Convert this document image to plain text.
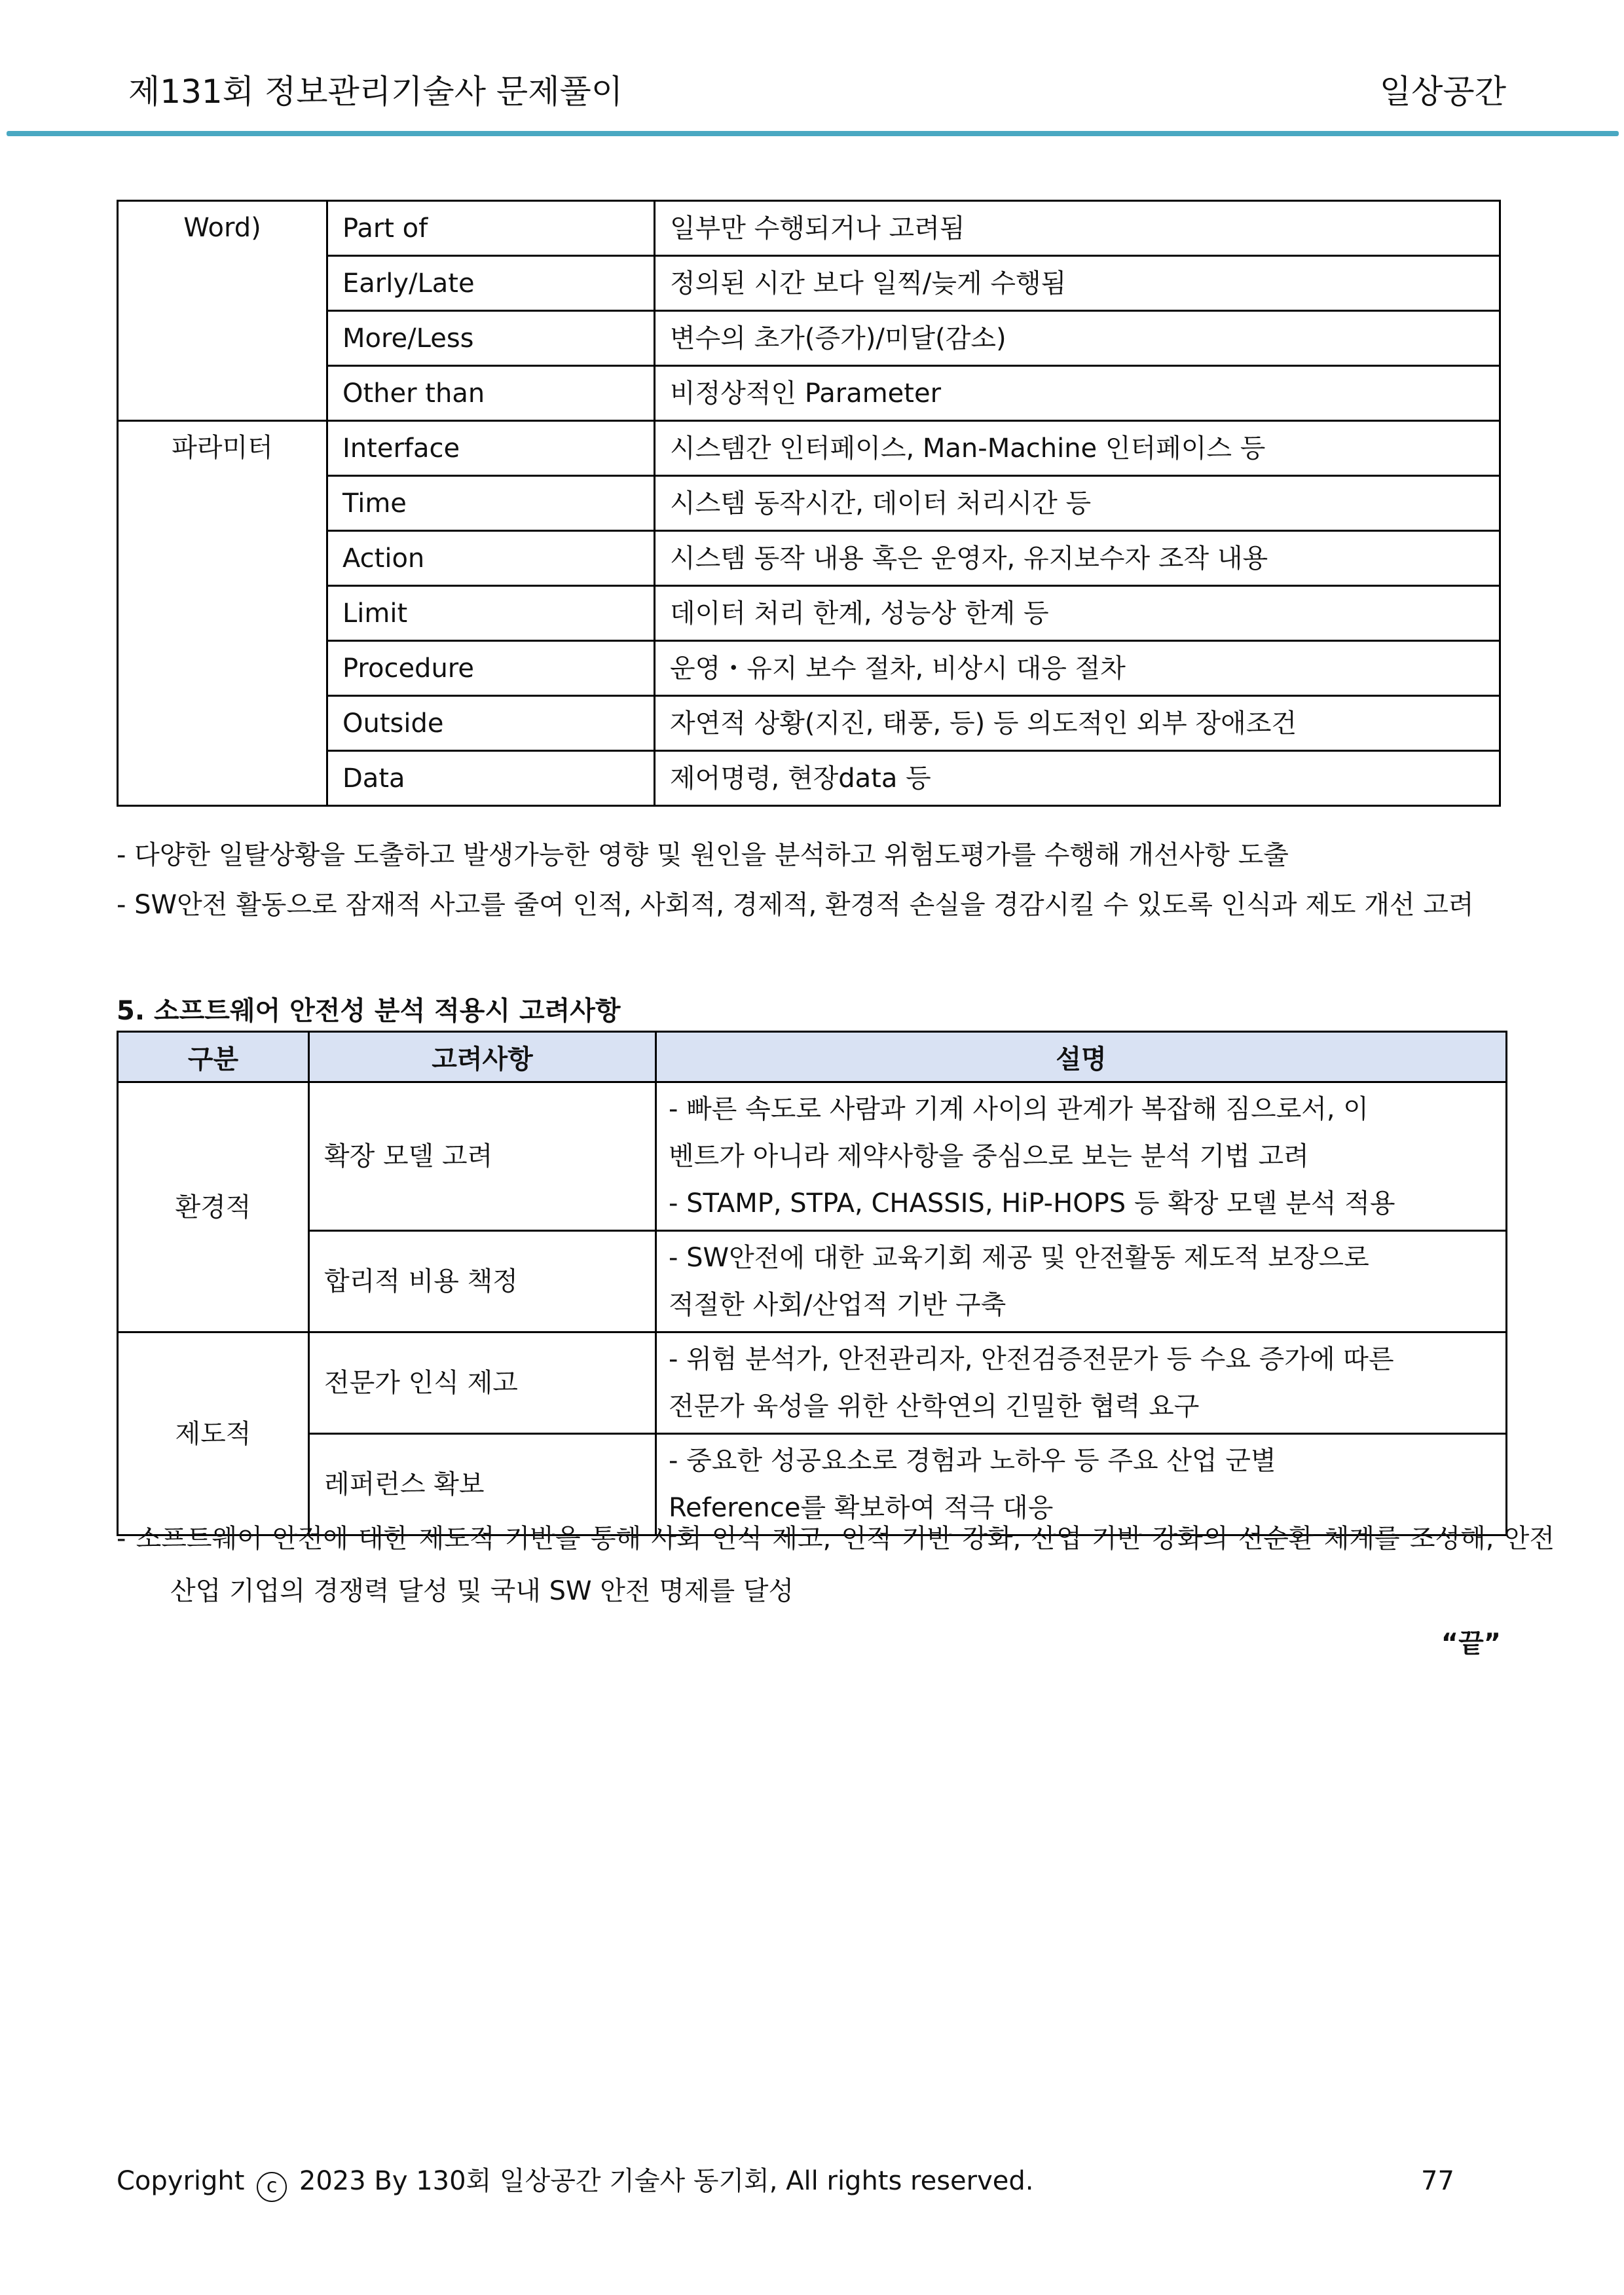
제131회 정보관리기술사 문제풀이	일상공간
Word)	Part of	일부만 수행되거나 고려됨
	Early/Late	정의된 시간 보다 일찍/늦게 수행됨
	More/Less	변수의 초가(증가)/미달(감소)
	Other than	비정상적인 Parameter
파라미터	Interface	시스템간 인터페이스, Man-Machine 인터페이스 등
	Time	시스템 동작시간, 데이터 처리시간 등
	Action	시스템 동작 내용 혹은 운영자, 유지보수자 조작 내용
	Limit	데이터 처리 한계, 성능상 한계 등
	Procedure	운영・유지 보수 절차, 비상시 대응 절차
	Outside	자연적 상황(지진, 태풍, 등) 등 의도적인 외부 장애조건
	Data	제어명령, 현장data 등
- 다양한 일탈상황을 도출하고 발생가능한 영향 및 원인을 분석하고 위험도평가를 수행해 개선사항 도출
- SW안전 활동으로 잠재적 사고를 줄여 인적, 사회적, 경제적, 환경적 손실을 경감시킬 수 있도록 인식과 제도 개선 고려
5. 소프트웨어 안전성 분석 적용시 고려사항
구분	고려사항	설명
환경적	확장 모델 고려	- 빠른 속도로 사람과 기계 사이의 관계가 복잡해 짐으로서, 이
벤트가 아니라 제약사항을 중심으로 보는 분석 기법 고려
- STAMP, STPA, CHASSIS, HiP-HOPS 등 확장 모델 분석 적용

	합리적 비용 책정	- SW안전에 대한 교육기회 제공 및 안전활동 제도적 보장으로
적절한 사회/산업적 기반 구축

제도적	전문가 인식 제고	- 위험 분석가, 안전관리자, 안전검증전문가 등 수요 증가에 따른
전문가 육성을 위한 산학연의 긴밀한 협력 요구

	레퍼런스 확보	- 중요한 성공요소로 경험과 노하우 등 주요 산업 군별
Reference를 확보하여 적극 대응
- 소프트웨어 안전에 대한 제도적 기반을 통해 사회 인식 제고, 인적 기반 강화, 산업 기반 강화의 선순환 체계를 조성해, 안전 산업 기업의 경쟁력 달성 및 국내 SW 안전 명제를 달성
“끝”
Copyright c 2023 By 130회 일상공간 기술사 동기회, All rights reserved.	77
